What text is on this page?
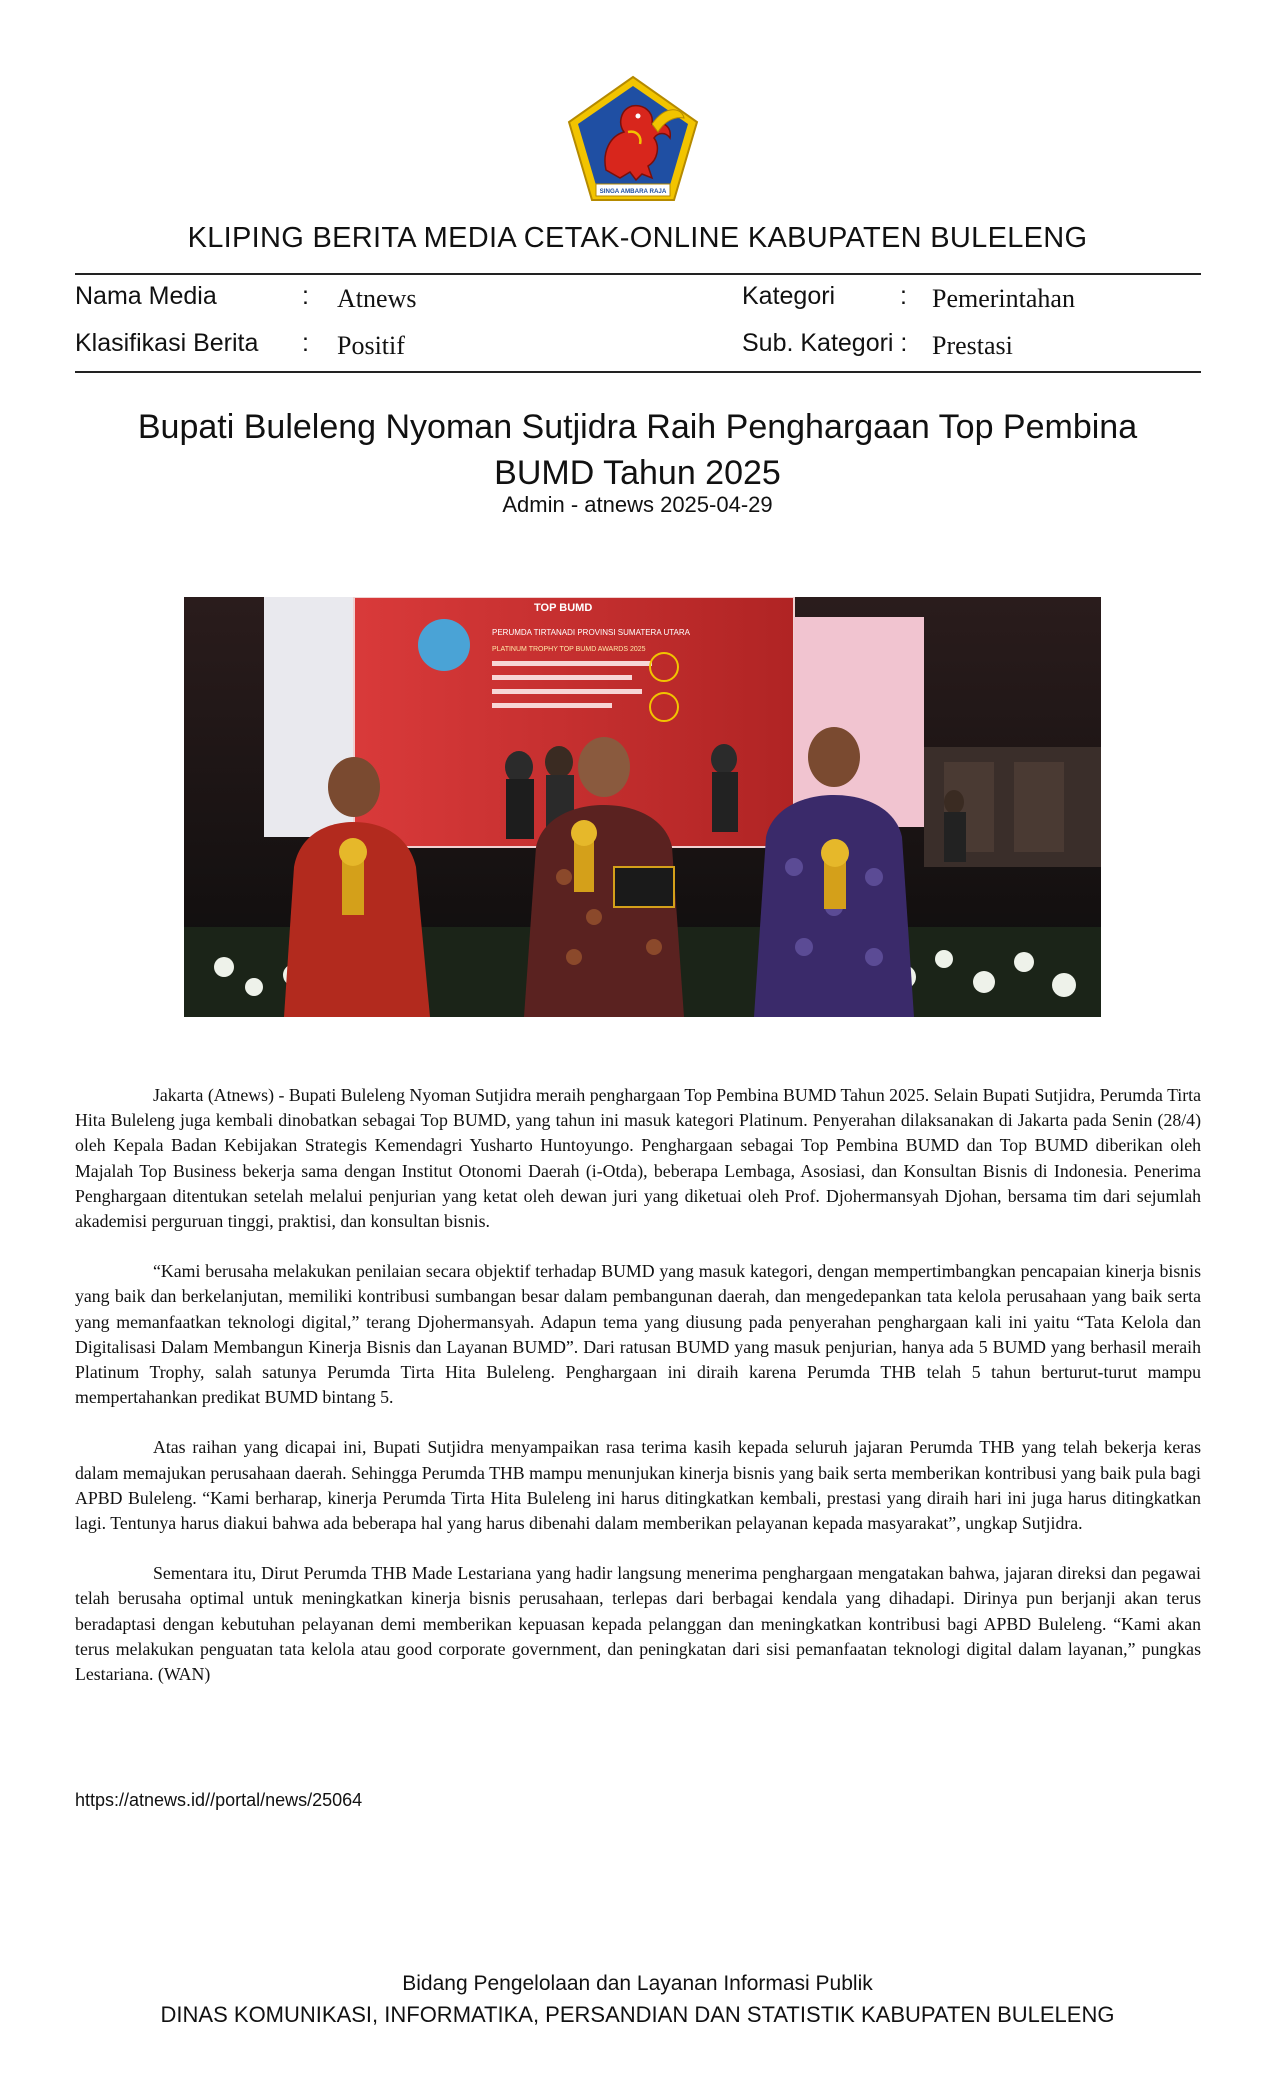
SINGA AMBARA RAJA
KLIPING BERITA MEDIA CETAK-ONLINE KABUPATEN BULELENG
Nama Media	: Atnews	Kategori	: Pemerintahan
Klasifikasi Berita : Positif	Sub. Kategori : Prestasi
Bupati Buleleng Nyoman Sutjidra Raih Penghargaan Top Pembina BUMD Tahun 2025
Admin - atnews 2025-04-29
TOP BUMD
PERUMDA TIRTANADI PROVINSI SUMATERA UTARA
PLATINUM TROPHY TOP BUMD AWARDS 2025

Jakarta (Atnews) - Bupati Buleleng Nyoman Sutjidra meraih penghargaan Top Pembina BUMD Tahun 2025. Selain Bupati Sutjidra, Perumda Tirta Hita Buleleng juga kembali dinobatkan sebagai Top BUMD, yang tahun ini masuk kategori Platinum. Penyerahan dilaksanakan di Jakarta pada Senin (28/4) oleh Kepala Badan Kebijakan Strategis Kemendagri Yusharto Huntoyungo. Penghargaan sebagai Top Pembina BUMD dan Top BUMD diberikan oleh Majalah Top Business bekerja sama dengan Institut Otonomi Daerah (i-Otda), beberapa Lembaga, Asosiasi, dan Konsultan Bisnis di Indonesia. Penerima Penghargaan ditentukan setelah melalui penjurian yang ketat oleh dewan juri yang diketuai oleh Prof. Djohermansyah Djohan, bersama tim dari sejumlah akademisi perguruan tinggi, praktisi, dan konsultan bisnis.

“Kami berusaha melakukan penilaian secara objektif terhadap BUMD yang masuk kategori, dengan mempertimbangkan pencapaian kinerja bisnis yang baik dan berkelanjutan, memiliki kontribusi sumbangan besar dalam pembangunan daerah, dan mengedepankan tata kelola perusahaan yang baik serta yang memanfaatkan teknologi digital,” terang Djohermansyah. Adapun tema yang diusung pada penyerahan penghargaan kali ini yaitu “Tata Kelola dan Digitalisasi Dalam Membangun Kinerja Bisnis dan Layanan BUMD”. Dari ratusan BUMD yang masuk penjurian, hanya ada 5 BUMD yang berhasil meraih Platinum Trophy, salah satunya Perumda Tirta Hita Buleleng. Penghargaan ini diraih karena Perumda THB telah 5 tahun berturut-turut mampu mempertahankan predikat BUMD bintang 5.

Atas raihan yang dicapai ini, Bupati Sutjidra menyampaikan rasa terima kasih kepada seluruh jajaran Perumda THB yang telah bekerja keras dalam memajukan perusahaan daerah. Sehingga Perumda THB mampu menunjukan kinerja bisnis yang baik serta memberikan kontribusi yang baik pula bagi APBD Buleleng. “Kami berharap, kinerja Perumda Tirta Hita Buleleng ini harus ditingkatkan kembali, prestasi yang diraih hari ini juga harus ditingkatkan lagi. Tentunya harus diakui bahwa ada beberapa hal yang harus dibenahi dalam memberikan pelayanan kepada masyarakat”, ungkap Sutjidra.

Sementara itu, Dirut Perumda THB Made Lestariana yang hadir langsung menerima penghargaan mengatakan bahwa, jajaran direksi dan pegawai telah berusaha optimal untuk meningkatkan kinerja bisnis perusahaan, terlepas dari berbagai kendala yang dihadapi. Dirinya pun berjanji akan terus beradaptasi dengan kebutuhan pelayanan demi memberikan kepuasan kepada pelanggan dan meningkatkan kontribusi bagi APBD Buleleng. “Kami akan terus melakukan penguatan tata kelola atau good corporate government, dan peningkatan dari sisi pemanfaatan teknologi digital dalam layanan,” pungkas Lestariana. (WAN)

https://atnews.id//portal/news/25064
Bidang Pengelolaan dan Layanan Informasi Publik
DINAS KOMUNIKASI, INFORMATIKA, PERSANDIAN DAN STATISTIK KABUPATEN BULELENG
